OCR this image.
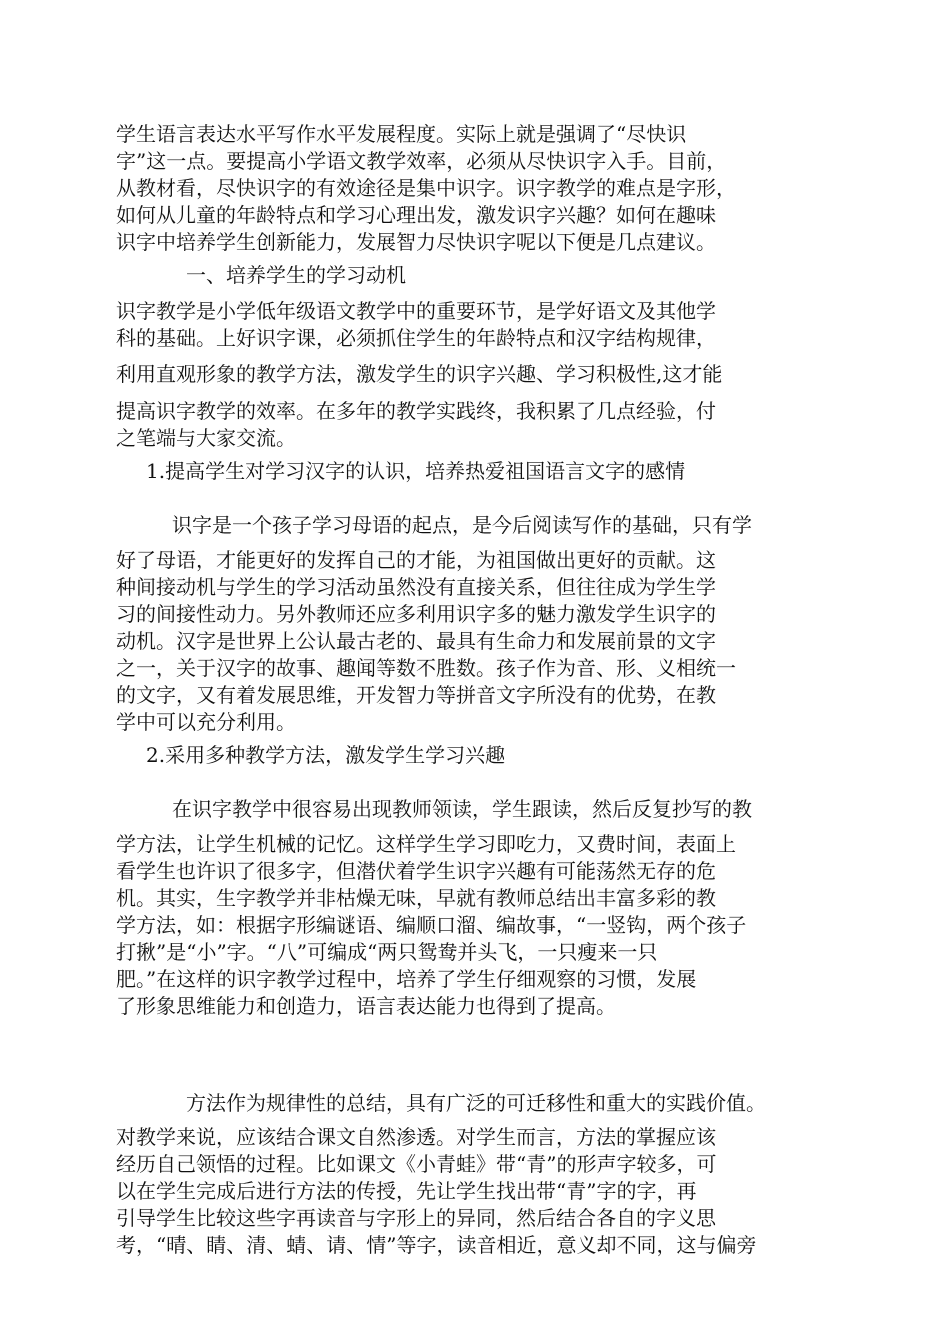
学生语言表达水平写作水平发展程度。实际上就是强调了“尽快识
字”这一点。要提高小学语文教学效率，必须从尽快识字入手。目前，
从教材看，尽快识字的有效途径是集中识字。识字教学的难点是字形，
如何从儿童的年龄特点和学习心理出发，激发识字兴趣？如何在趣味
识字中培养学生创新能力，发展智力尽快识字呢以下便是几点建议。
一、培养学生的学习动机
识字教学是小学低年级语文教学中的重要环节，是学好语文及其他学
科的基础。上好识字课，必须抓住学生的年龄特点和汉字结构规律，
利用直观形象的教学方法，激发学生的识字兴趣、学习积极性,这才能
提高识字教学的效率。在多年的教学实践终，我积累了几点经验，付
之笔端与大家交流。
1.提高学生对学习汉字的认识，培养热爱祖国语言文字的感情
识字是一个孩子学习母语的起点，是今后阅读写作的基础，只有学
好了母语，才能更好的发挥自己的才能，为祖国做出更好的贡献。这
种间接动机与学生的学习活动虽然没有直接关系，但往往成为学生学
习的间接性动力。另外教师还应多利用识字多的魅力激发学生识字的
动机。汉字是世界上公认最古老的、最具有生命力和发展前景的文字
之一，关于汉字的故事、趣闻等数不胜数。孩子作为音、形、义相统一
的文字，又有着发展思维，开发智力等拼音文字所没有的优势，在教
学中可以充分利用。
2.采用多种教学方法，激发学生学习兴趣
在识字教学中很容易出现教师领读，学生跟读，然后反复抄写的教
学方法，让学生机械的记忆。这样学生学习即吃力，又费时间，表面上
看学生也许识了很多字，但潜伏着学生识字兴趣有可能荡然无存的危
机。其实，生字教学并非枯燥无味，早就有教师总结出丰富多彩的教
学方法，如：根据字形编谜语、编顺口溜、编故事，“一竖钩，两个孩子
打揪”是“小”字。“八”可编成“两只鸳鸯并头飞，一只瘦来一只
肥。”在这样的识字教学过程中，培养了学生仔细观察的习惯，发展
了形象思维能力和创造力，语言表达能力也得到了提高。
方法作为规律性的总结，具有广泛的可迁移性和重大的实践价值。
对教学来说，应该结合课文自然渗透。对学生而言，方法的掌握应该
经历自己领悟的过程。比如课文《小青蛙》带“青”的形声字较多，可
以在学生完成后进行方法的传授，先让学生找出带“青”字的字，再
引导学生比较这些字再读音与字形上的异同，然后结合各自的字义思
考，“晴、睛、清、蜻、请、情”等字，读音相近，意义却不同，这与偏旁
